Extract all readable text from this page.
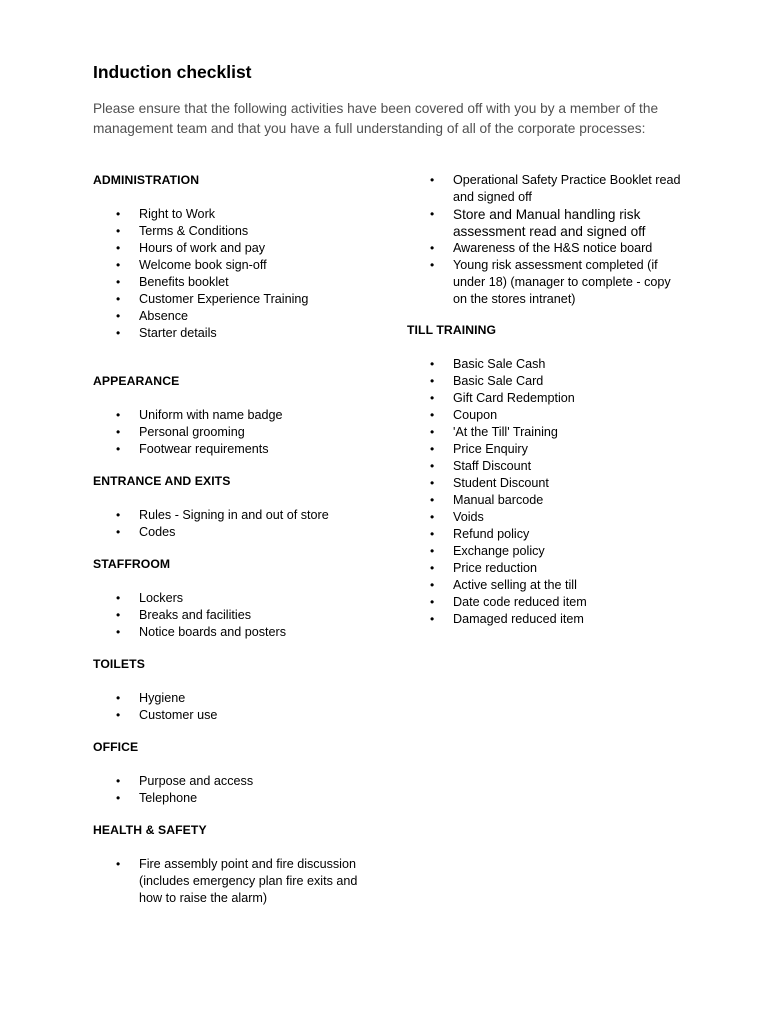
Induction checklist

Please ensure that the following activities have been covered off with you by a member of the management team and that you have a full understanding of all of the corporate processes:

ADMINISTRATION
• Right to Work
• Terms & Conditions
• Hours of work and pay
• Welcome book sign-off
• Benefits booklet
• Customer Experience Training
• Absence
• Starter details
APPEARANCE
• Uniform with name badge
• Personal grooming
• Footwear requirements
ENTRANCE AND EXITS
• Rules - Signing in and out of store
• Codes
STAFFROOM
• Lockers
• Breaks and facilities
• Notice boards and posters
TOILETS
• Hygiene
• Customer use
OFFICE
• Purpose and access
• Telephone
HEALTH & SAFETY
• Fire assembly point and fire discussion (includes emergency plan fire exits and how to raise the alarm)
• Operational Safety Practice Booklet read and signed off
• Store and Manual handling risk assessment read and signed off
• Awareness of the H&S notice board
• Young risk assessment completed (if under 18) (manager to complete - copy on the stores intranet)
TILL TRAINING
• Basic Sale Cash
• Basic Sale Card
• Gift Card Redemption
• Coupon
• 'At the Till' Training
• Price Enquiry
• Staff Discount
• Student Discount
• Manual barcode
• Voids
• Refund policy
• Exchange policy
• Price reduction
• Active selling at the till
• Date code reduced item
• Damaged reduced item
